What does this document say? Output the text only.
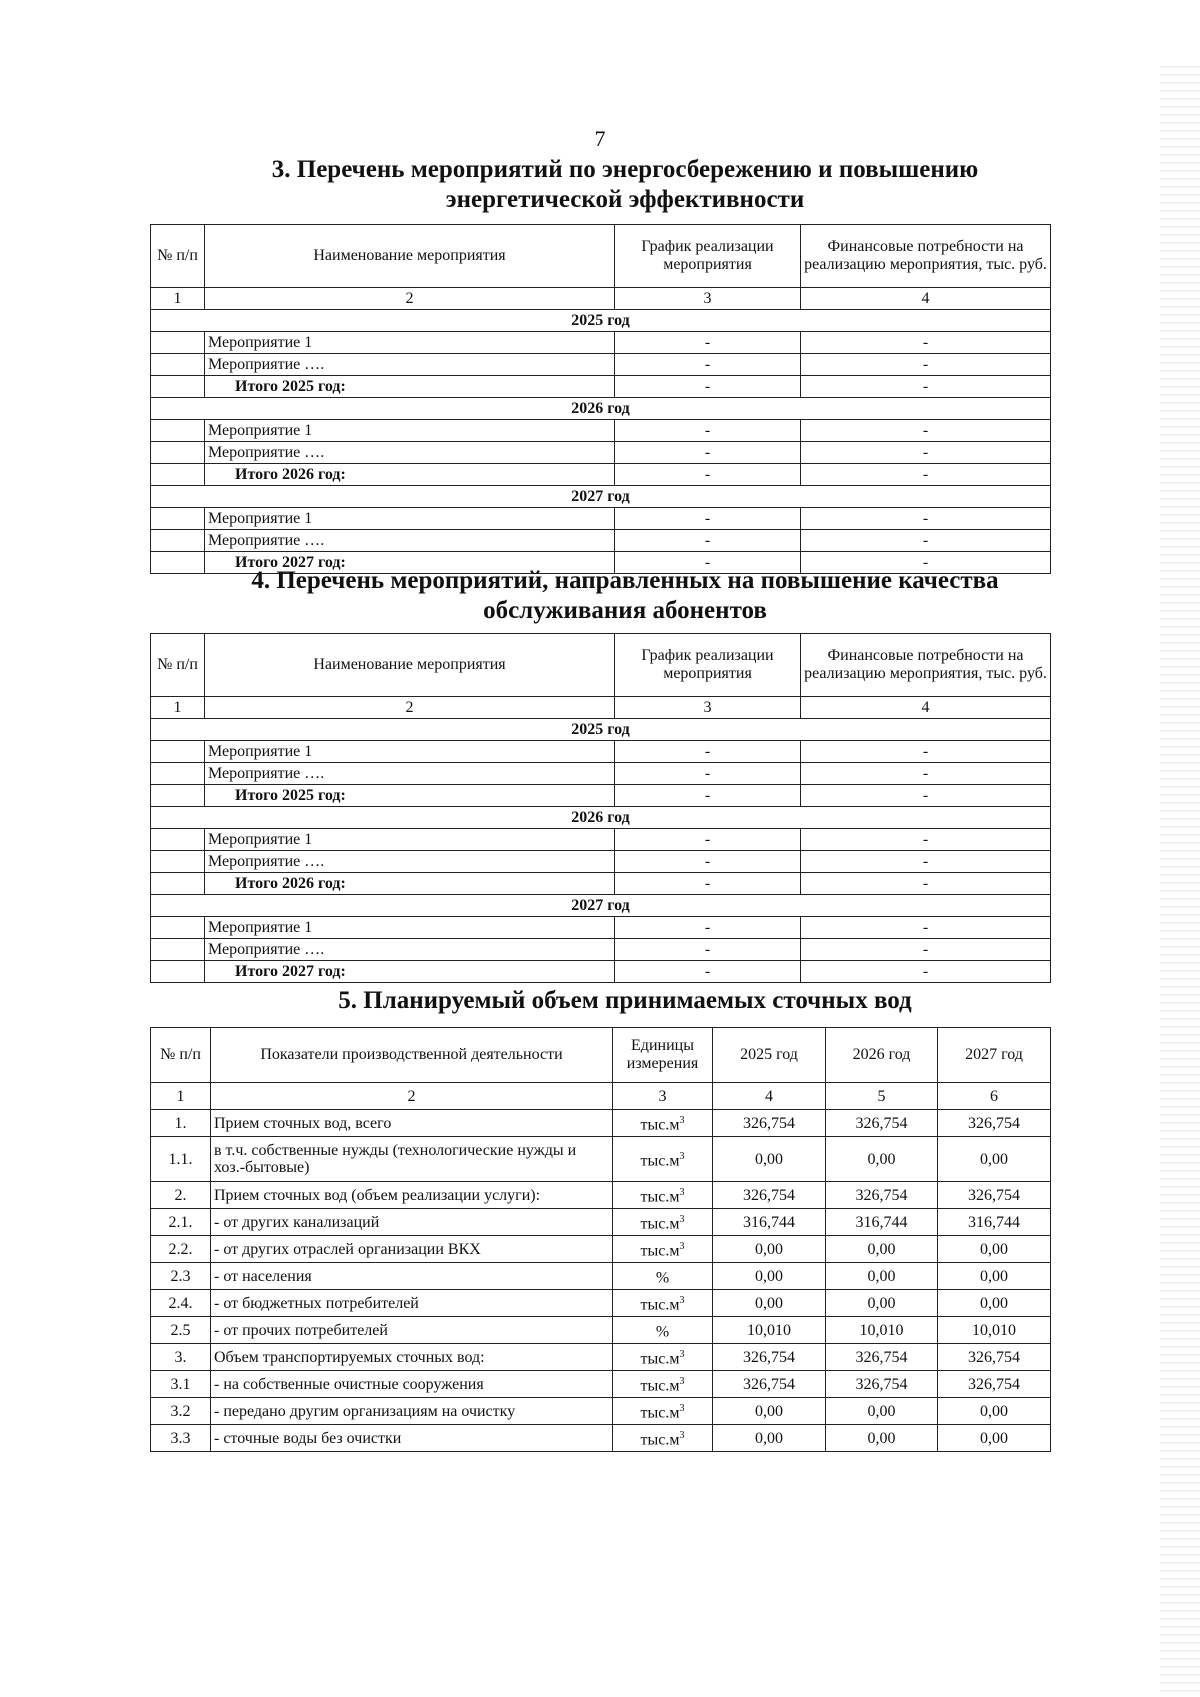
7
3. Перечень мероприятий по энергосбережению и повышению
энергетической эффективности
№ п/п	Наименование мероприятия	График реализации мероприятия	Финансовые потребности на реализацию мероприятия, тыс. руб.
1	2	3	4
2025 год			
	Мероприятие 1	-	-
	Мероприятие ….	-	-
	Итого 2025 год:	-	-
2026 год			
	Мероприятие 1	-	-
	Мероприятие ….	-	-
	Итого 2026 год:	-	-
2027 год			
	Мероприятие 1	-	-
	Мероприятие ….	-	-
	Итого 2027 год:	-	-
4. Перечень мероприятий, направленных на повышение качества
обслуживания абонентов
№ п/п	Наименование мероприятия	График реализации мероприятия	Финансовые потребности на реализацию мероприятия, тыс. руб.
1	2	3	4
2025 год			
	Мероприятие 1	-	-
	Мероприятие ….	-	-
	Итого 2025 год:	-	-
2026 год			
	Мероприятие 1	-	-
	Мероприятие ….	-	-
	Итого 2026 год:	-	-
2027 год			
	Мероприятие 1	-	-
	Мероприятие ….	-	-
	Итого 2027 год:	-	-
5. Планируемый объем принимаемых сточных вод
№ п/п	Показатели производственной деятельности	Единицы измерения	2025 год	2026 год	2027 год
1	2	3	4	5	6
1.	Прием сточных вод, всего	$тыс.м^3$	326,754	326,754	326,754
1.1.	в т.ч. собственные нужды (технологические нужды и хоз.-бытовые)	$тыс.м^3$	0,00	0,00	0,00
2.	Прием сточных вод (объем реализации услуги):	$тыс.м^3$	326,754	326,754	326,754
2.1.	- от других канализаций	$тыс.м^3$	316,744	316,744	316,744
2.2.	- от других отраслей организации ВКХ	$тыс.м^3$	0,00	0,00	0,00
2.3	- от населения	%	0,00	0,00	0,00
2.4.	- от бюджетных потребителей	$тыс.м^3$	0,00	0,00	0,00
2.5	- от прочих потребителей	%	10,010	10,010	10,010
3.	Объем транспортируемых сточных вод:	$тыс.м^3$	326,754	326,754	326,754
3.1	- на собственные очистные сооружения	$тыс.м^3$	326,754	326,754	326,754
3.2	- передано другим организациям на очистку	$тыс.м^3$	0,00	0,00	0,00
3.3	- сточные воды без очистки	$тыс.м^3$	0,00	0,00	0,00
